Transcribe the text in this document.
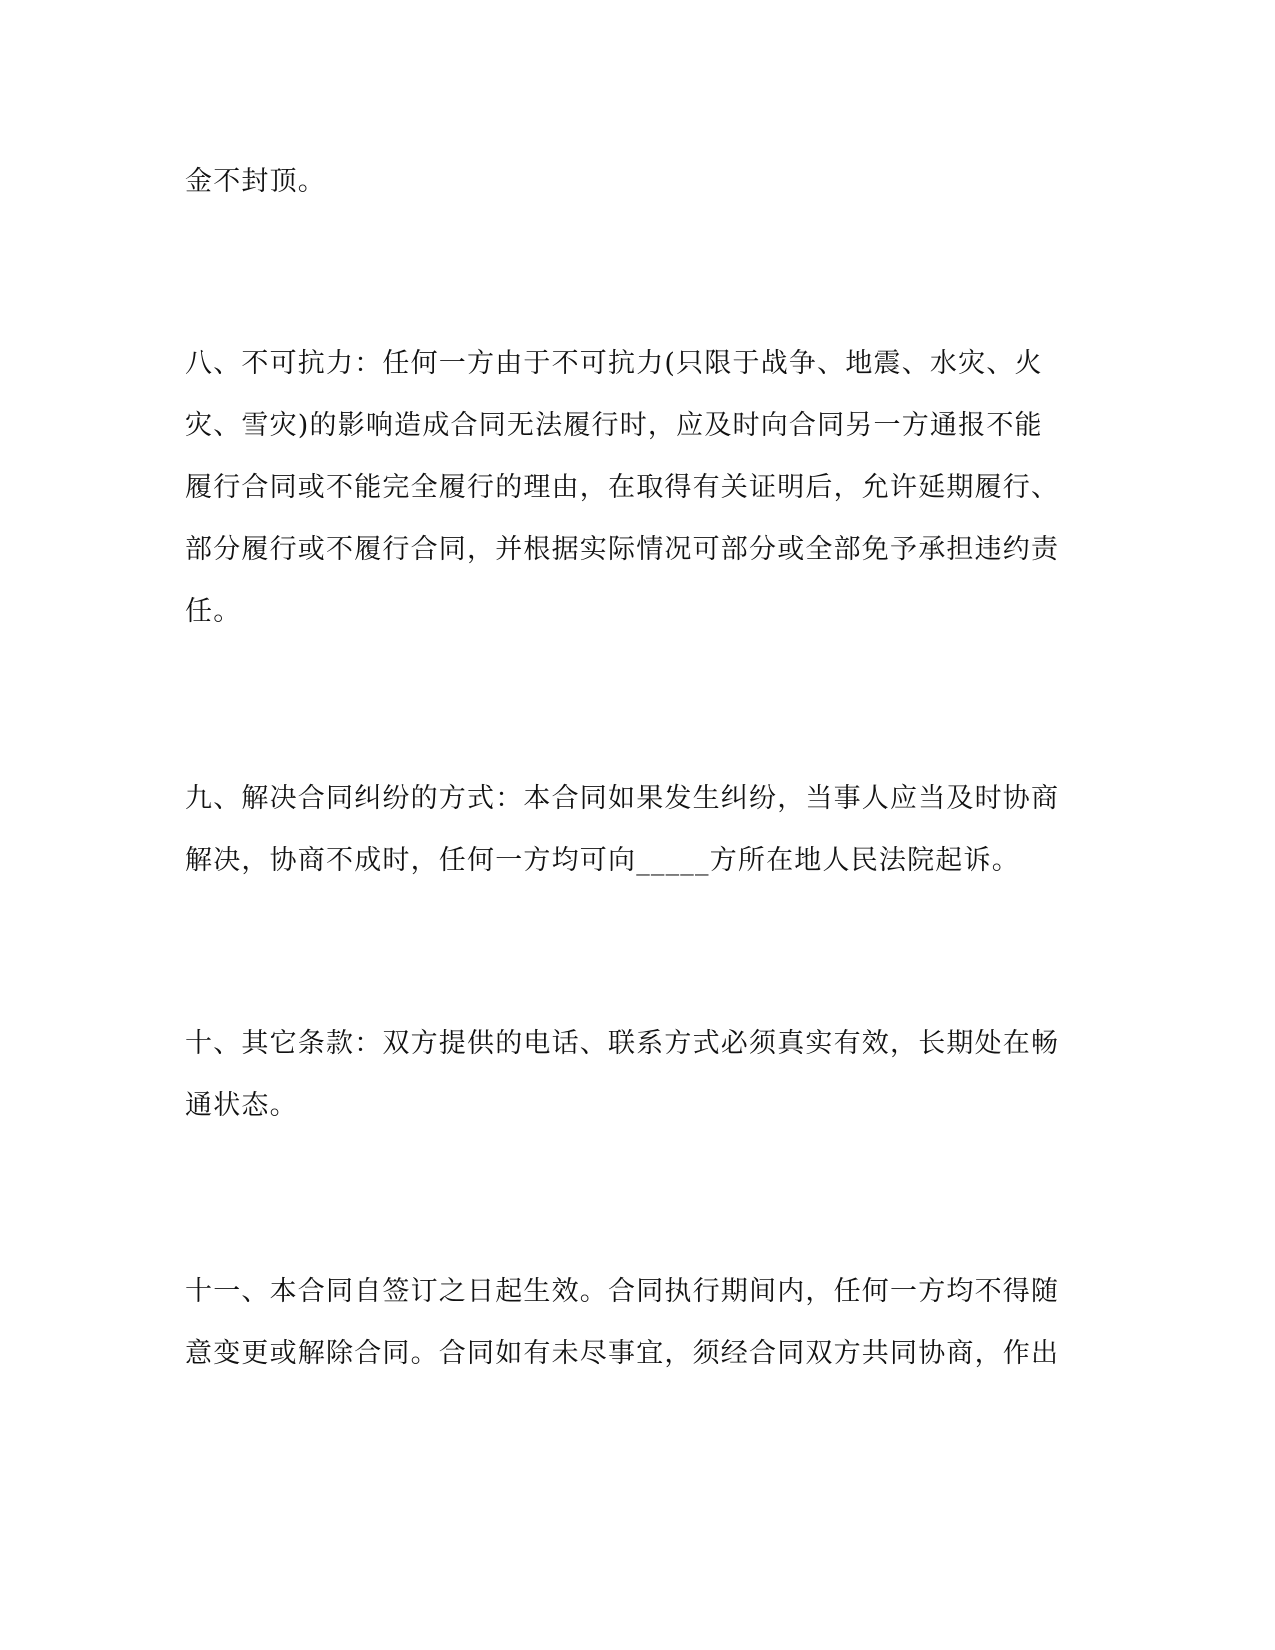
金不封顶。
八、不可抗力：任何一方由于不可抗力(只限于战争、地震、水灾、火
灾、雪灾)的影响造成合同无法履行时，应及时向合同另一方通报不能
履行合同或不能完全履行的理由，在取得有关证明后，允许延期履行、
部分履行或不履行合同，并根据实际情况可部分或全部免予承担违约责
任。
九、解决合同纠纷的方式：本合同如果发生纠纷，当事人应当及时协商
解决，协商不成时，任何一方均可向_____方所在地人民法院起诉。
十、其它条款：双方提供的电话、联系方式必须真实有效，长期处在畅
通状态。
十一、本合同自签订之日起生效。合同执行期间内，任何一方均不得随
意变更或解除合同。合同如有未尽事宜，须经合同双方共同协商，作出
